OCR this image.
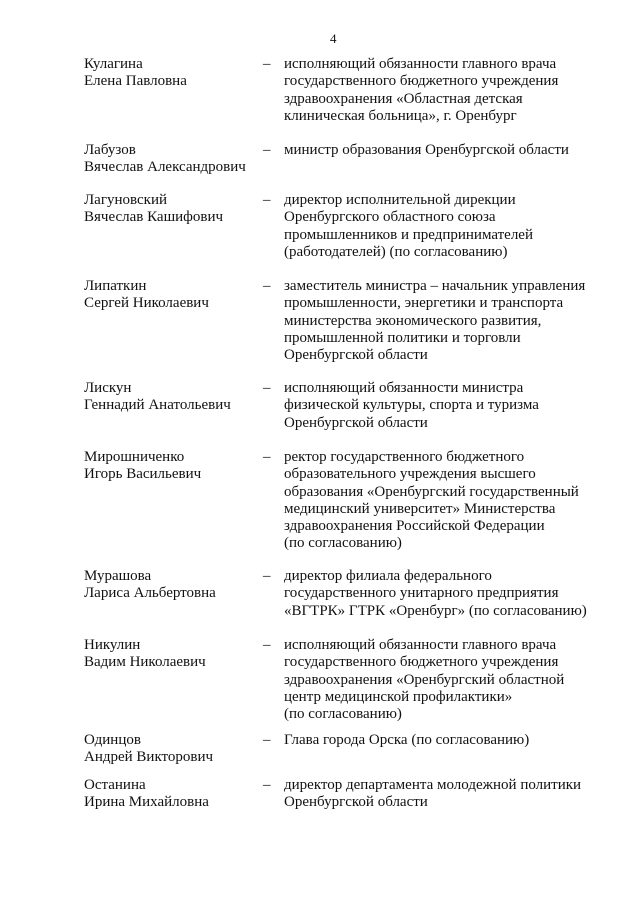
4
Кулагина
Елена Павловна
– исполняющий обязанности главного врача
государственного бюджетного учреждения
здравоохранения «Областная детская
клиническая больница», г. Оренбург
Лабузов
Вячеслав Александрович
– министр образования Оренбургской области
Лагуновский
Вячеслав Кашифович
– директор исполнительной дирекции
Оренбургского областного союза
промышленников и предпринимателей
(работодателей) (по согласованию)
Липаткин
Сергей Николаевич
– заместитель министра – начальник управления
промышленности, энергетики и транспорта
министерства экономического развития,
промышленной политики и торговли
Оренбургской области
Лискун
Геннадий Анатольевич
– исполняющий обязанности министра
физической культуры, спорта и туризма
Оренбургской области
Мирошниченко
Игорь Васильевич
– ректор государственного бюджетного
образовательного учреждения высшего
образования «Оренбургский государственный
медицинский университет» Министерства
здравоохранения Российской Федерации
(по согласованию)
Мурашова
Лариса Альбертовна
– директор филиала федерального
государственного унитарного предприятия
«ВГТРК» ГТРК «Оренбург» (по согласованию)
Никулин
Вадим Николаевич
– исполняющий обязанности главного врача
государственного бюджетного учреждения
здравоохранения «Оренбургский областной
центр медицинской профилактики»
(по согласованию)
Одинцов
Андрей Викторович
– Глава города Орска (по согласованию)
Останина
Ирина Михайловна
– директор департамента молодежной политики
Оренбургской области
